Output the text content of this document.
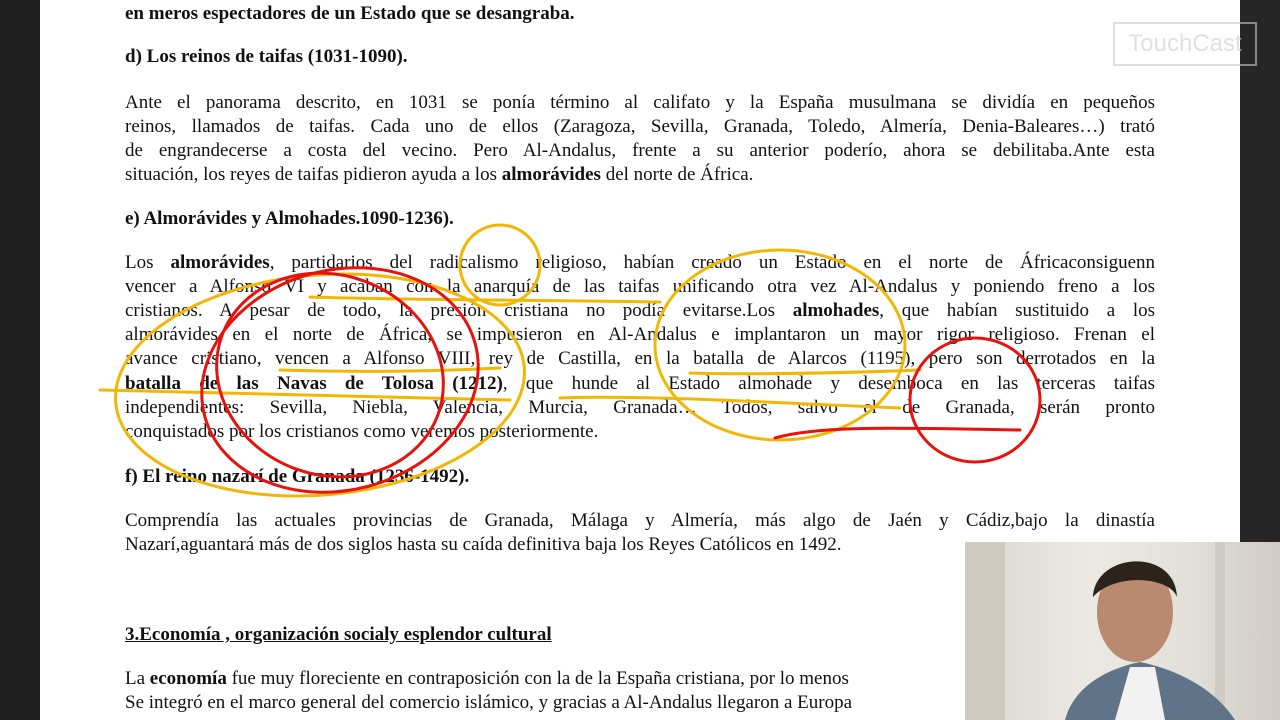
en meros espectadores de un Estado que se desangraba.
d) Los reinos de taifas (1031-1090).
Ante el panorama descrito, en 1031 se ponía término al califato y la España musulmana se dividía en pequeños
reinos, llamados de taifas. Cada uno de ellos (Zaragoza, Sevilla, Granada, Toledo, Almería, Denia-Baleares…) trató
de engrandecerse a costa del vecino. Pero Al-Andalus, frente a su anterior poderío, ahora se debilitaba.Ante esta
situación, los reyes de taifas pidieron ayuda a los almorávides del norte de África.
e) Almorávides y Almohades.1090-1236).
Los almorávides, partidarios del radicalismo religioso, habían creado un Estado en el norte de Áfricaconsiguenn
vencer a Alfonso VI y acaban con la anarquía de las taifas unificando otra vez Al-Andalus y poniendo freno a los
cristianos. A pesar de todo, la presión cristiana no podía evitarse.Los almohades, que habían sustituido a los
almorávides en el norte de África, se impusieron en Al-Andalus e implantaron un mayor rigor religioso. Frenan el
avance cristiano, vencen a Alfonso VIII, rey de Castilla, en la batalla de Alarcos (1195), pero son derrotados en la
batalla de las Navas de Tolosa (1212), que hunde al Estado almohade y desemboca en las terceras taifas
independientes: Sevilla, Niebla, Valencia, Murcia, Granada… Todos, salvo el de Granada, serán pronto
conquistados por los cristianos como veremos posteriormente.
f) El reino nazarí de Granada (1236-1492).
Comprendía las actuales provincias de Granada, Málaga y Almería, más algo de Jaén y Cádiz,bajo la dinastía
Nazarí,aguantará más de dos siglos hasta su caída definitiva baja los Reyes Católicos en 1492.
3.Economía , organización socialy esplendor cultural
La economía fue muy floreciente en contraposición con la de la España cristiana, por lo menos
Se integró en el marco general del comercio islámico, y gracias a Al-Andalus llegaron a Europa
TouchCast
